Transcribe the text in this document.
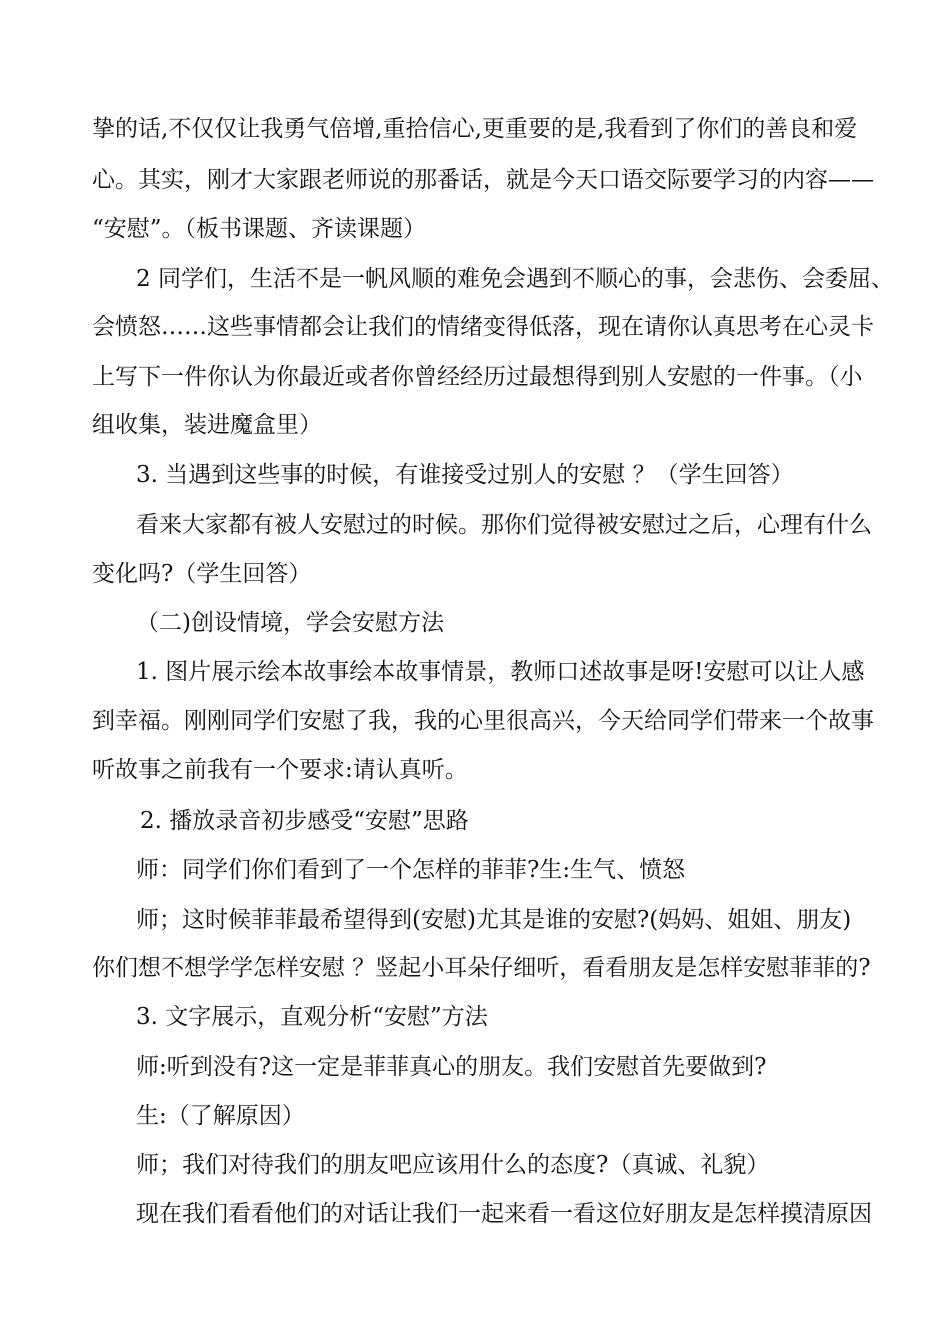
挚的话,不仅仅让我勇气倍增,重拾信心,更重要的是,我看到了你们的善良和爱
心。其实，刚才大家跟老师说的那番话，就是今天口语交际要学习的内容——
“安慰”。（板书课题、齐读课题）
2 同学们，生活不是一帆风顺的难免会遇到不顺心的事，会悲伤、会委屈、
会愤怒……这些事情都会让我们的情绪变得低落，现在请你认真思考在心灵卡
上写下一件你认为你最近或者你曾经经历过最想得到别人安慰的一件事。（小
组收集，装进魔盒里）
3. 当遇到这些事的时候，有谁接受过别人的安慰 ？（学生回答）
看来大家都有被人安慰过的时候。那你们觉得被安慰过之后，心理有什么
变化吗?（学生回答）
（二)创设情境，学会安慰方法
1. 图片展示绘本故事绘本故事情景，教师口述故事是呀!安慰可以让人感
到幸福。刚刚同学们安慰了我，我的心里很高兴，今天给同学们带来一个故事
听故事之前我有一个要求:请认真听。
2. 播放录音初步感受“安慰”思路
师：同学们你们看到了一个怎样的菲菲?生:生气、愤怒
师；这时候菲菲最希望得到(安慰)尤其是谁的安慰?(妈妈、姐姐、朋友)
你们想不想学学怎样安慰 ？竖起小耳朵仔细听，看看朋友是怎样安慰菲菲的?
3. 文字展示，直观分析“安慰”方法
师:听到没有?这一定是菲菲真心的朋友。我们安慰首先要做到?
生:（了解原因）
师；我们对待我们的朋友吧应该用什么的态度?（真诚、礼貌）
现在我们看看他们的对话让我们一起来看一看这位好朋友是怎样摸清原因
